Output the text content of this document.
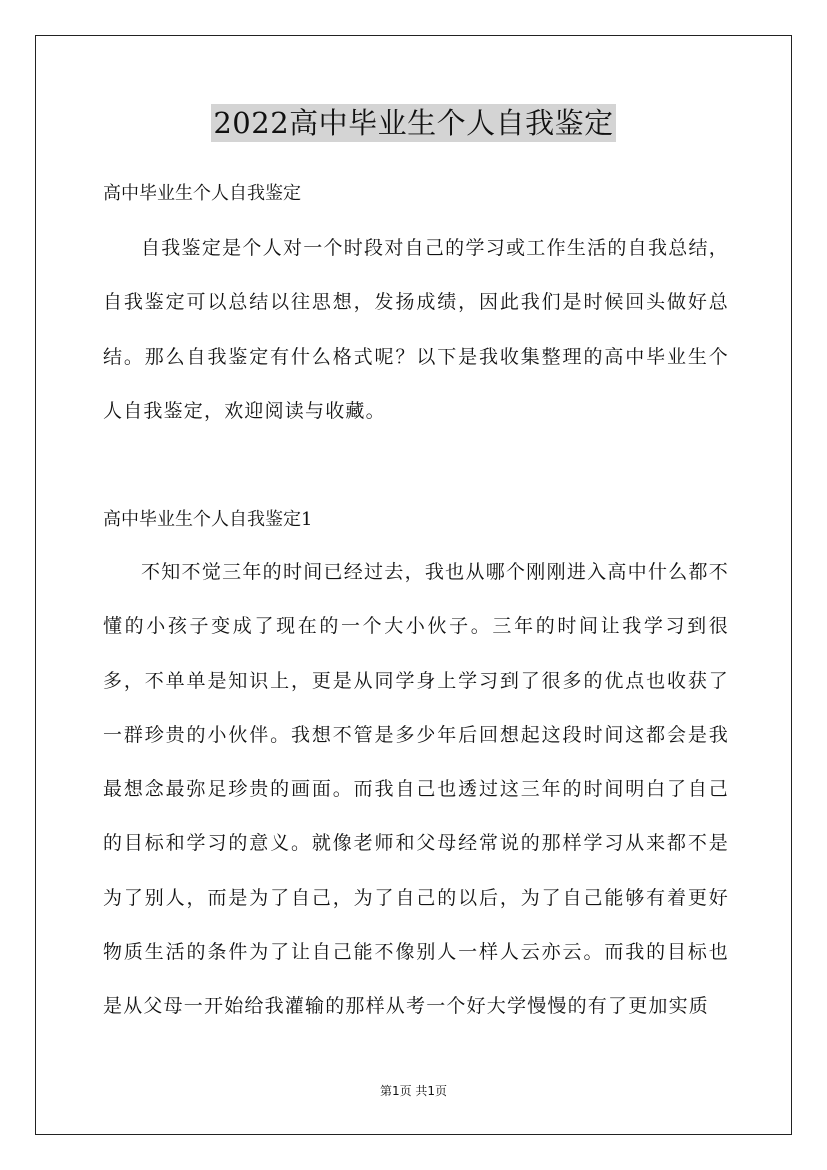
2022高中毕业生个人自我鉴定
高中毕业生个人自我鉴定

自我鉴定是个人对一个时段对自己的学习或工作生活的自我总结，自我鉴定可以总结以往思想，发扬成绩，因此我们是时候回头做好总结。那么自我鉴定有什么格式呢？以下是我收集整理的高中毕业生个人自我鉴定，欢迎阅读与收藏。

高中毕业生个人自我鉴定1

不知不觉三年的时间已经过去，我也从哪个刚刚进入高中什么都不懂的小孩子变成了现在的一个大小伙子。三年的时间让我学习到很多，不单单是知识上，更是从同学身上学习到了很多的优点也收获了一群珍贵的小伙伴。我想不管是多少年后回想起这段时间这都会是我最想念最弥足珍贵的画面。而我自己也透过这三年的时间明白了自己的目标和学习的意义。就像老师和父母经常说的那样学习从来都不是为了别人，而是为了自己，为了自己的以后，为了自己能够有着更好物质生活的条件为了让自己能不像别人一样人云亦云。而我的目标也是从父母一开始给我灌输的那样从考一个好大学慢慢的有了更加实质

第1页 共1页
